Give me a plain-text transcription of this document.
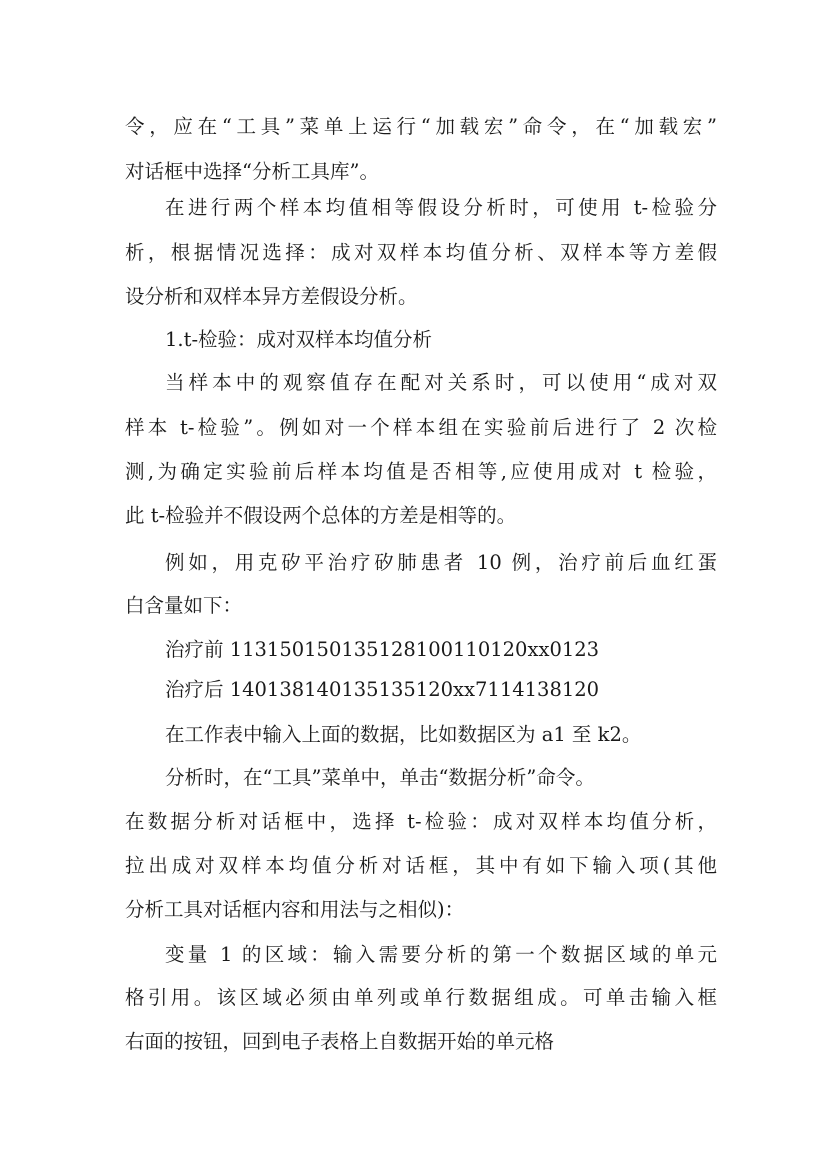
令，应在“工具”菜单上运行“加载宏”命令，在“加载宏”
对话框中选择“分析工具库”。
在进行两个样本均值相等假设分析时，可使用 t-检验分
析，根据情况选择：成对双样本均值分析、双样本等方差假
设分析和双样本异方差假设分析。
1.t-检验：成对双样本均值分析
当样本中的观察值存在配对关系时，可以使用“成对双
样本 t-检验”。例如对一个样本组在实验前后进行了 2 次检
测,为确定实验前后样本均值是否相等,应使用成对 t 检验，
此 t-检验并不假设两个总体的方差是相等的。
例如，用克矽平治疗矽肺患者 10 例，治疗前后血红蛋
白含量如下：
治疗前 113150150135128100110120xx0123
治疗后 140138140135135120xx7114138120
在工作表中输入上面的数据，比如数据区为 a1 至 k2。
分析时，在“工具”菜单中，单击“数据分析”命令。
在数据分析对话框中，选择 t-检验：成对双样本均值分析，
拉出成对双样本均值分析对话框，其中有如下输入项(其他
分析工具对话框内容和用法与之相似)：
变量 1 的区域：输入需要分析的第一个数据区域的单元
格引用。该区域必须由单列或单行数据组成。可单击输入框
右面的按钮，回到电子表格上自数据开始的单元格
